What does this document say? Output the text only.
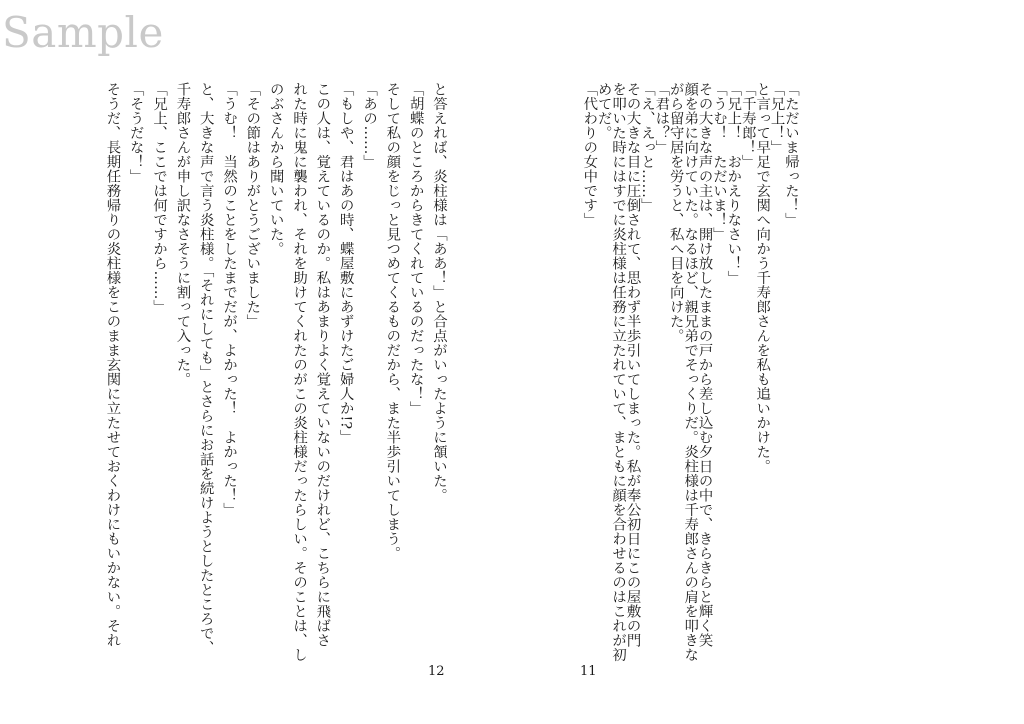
Sample
「ただいま帰った！」
「兄上！」
と言って早足で玄関へ向かう千寿郎さんを私も追いかけた。
「千寿郎！」
「兄上！　おかえりなさい！」
「うむ！　ただいま！」
その大きな声の主は、開け放したままの戸から差し込む夕日の中で、きらきらと輝く笑
顔を弟に向けていた。なるほど、親兄弟でそっくりだ。炎柱様は千寿郎さんの肩を叩きな
がら留守居を労うと、私へ目を向けた。
「君は？」
「え、えっと……」
その大きな目に圧倒されて、思わず半歩引いてしまった。私が奉公初日にこの屋敷の門
を叩いた時にはすでに炎柱様は任務に立たれていて、まともに顔を合わせるのはこれが初
めてだ。
「代わりの女中です」
と答えれば、炎柱様は「ああ！」と合点がいったように頷いた。
「胡蝶のところからきてくれているのだったな！」
そして私の顔をじっと見つめてくるものだから、また半歩引いてしまう。
「あの……」
「もしや、君はあの時、蝶屋敷にあずけたご婦人か!?」
この人は、覚えているのか。私はあまりよく覚えていないのだけれど、こちらに飛ばさ
れた時に鬼に襲われ、それを助けてくれたのがこの炎柱様だったらしい。そのことは、し
のぶさんから聞いていた。
「その節はありがとうございました」
「うむ！　当然のことをしたまでだが、よかった！　よかった！」
と、大きな声で言う炎柱様。「それにしても」とさらにお話を続けようとしたところで、
千寿郎さんが申し訳なさそうに割って入った。
「兄上、ここでは何ですから……」
「そうだな！」
そうだ、長期任務帰りの炎柱様をこのまま玄関に立たせておくわけにもいかない。それ
12	11
